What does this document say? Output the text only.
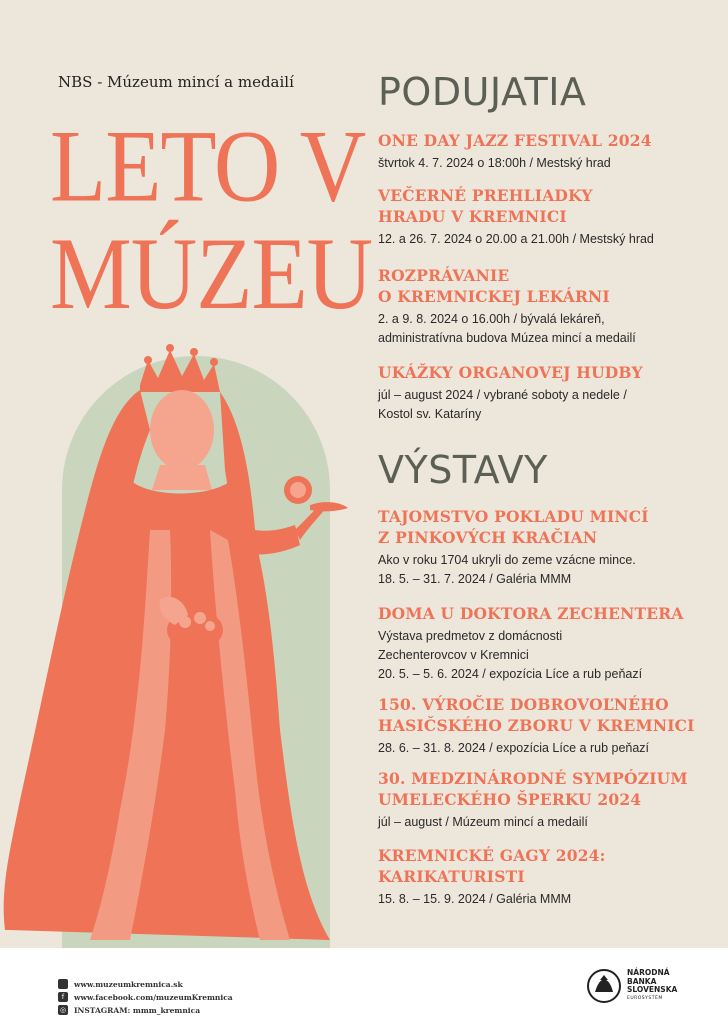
NBS - Múzeum mincí a medailí
LETO V
MÚZEU
PODUJATIA
ONE DAY JAZZ FESTIVAL 2024
štvrtok 4. 7. 2024 o 18:00h / Mestský hrad
VEČERNÉ PREHLIADKY
HRADU V KREMNICI
12. a 26. 7. 2024 o 20.00 a 21.00h / Mestský hrad
ROZPRÁVANIE
O KREMNICKEJ LEKÁRNI
2. a 9. 8. 2024 o 16.00h / bývalá lekáreň,
administratívna budova Múzea mincí a medailí
UKÁŽKY ORGANOVEJ HUDBY
júl – august 2024 / vybrané soboty a nedele /
Kostol sv. Kataríny
VÝSTAVY
TAJOMSTVO POKLADU MINCÍ
Z PINKOVÝCH KRAČIAN
Ako v roku 1704 ukryli do zeme vzácne mince.
18. 5. – 31. 7. 2024 / Galéria MMM
DOMA U DOKTORA ZECHENTERA
Výstava predmetov z domácnosti
Zechenterovcov v Kremnici
20. 5. – 5. 6. 2024 / expozícia Líce a rub peňazí
150. VÝROČIE DOBROVOĽNÉHO
HASIČSKÉHO ZBORU V KREMNICI
28. 6. – 31. 8. 2024 / expozícia Líce a rub peňazí
30. MEDZINÁRODNÉ SYMPÓZIUM
UMELECKÉHO ŠPERKU 2024
júl – august / Múzeum mincí a medailí
KREMNICKÉ GAGY 2024:
KARIKATURISTI
15. 8. – 15. 9. 2024 / Galéria MMM
www.muzeumkremnica.sk
f	www.facebook.com/muzeumKremnica
◎ INSTAGRAM: mmm_kremnica
NÁRODNÁ
BANKA
SLOVENSKA
EUROSYSTÉM
